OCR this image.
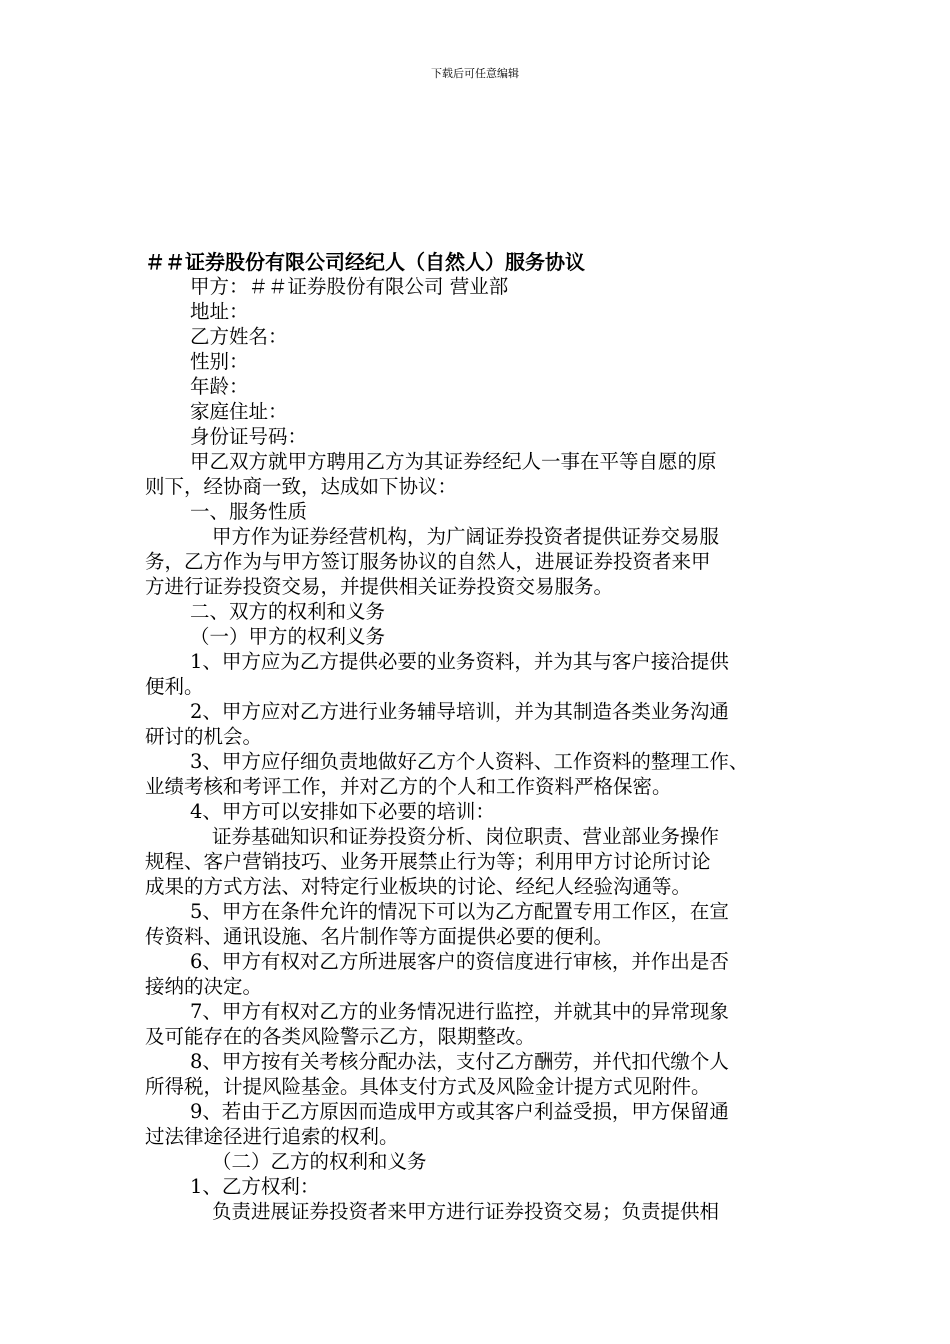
下载后可任意编辑
＃＃证券股份有限公司经纪人（自然人）服务协议
甲方：＃＃证券股份有限公司 营业部
地址：
乙方姓名：
性别：
年龄：
家庭住址：
身份证号码：
甲乙双方就甲方聘用乙方为其证券经纪人一事在平等自愿的原
则下，经协商一致，达成如下协议：
一、服务性质
甲方作为证券经营机构，为广阔证券投资者提供证券交易服
务，乙方作为与甲方签订服务协议的自然人，进展证券投资者来甲
方进行证券投资交易，并提供相关证券投资交易服务。
二、双方的权利和义务
（一）甲方的权利义务
1、甲方应为乙方提供必要的业务资料，并为其与客户接洽提供
便利。
2、甲方应对乙方进行业务辅导培训，并为其制造各类业务沟通
研讨的机会。
3、甲方应仔细负责地做好乙方个人资料、工作资料的整理工作、
业绩考核和考评工作，并对乙方的个人和工作资料严格保密。
4、甲方可以安排如下必要的培训：
证券基础知识和证券投资分析、岗位职责、营业部业务操作
规程、客户营销技巧、业务开展禁止行为等；利用甲方讨论所讨论
成果的方式方法、对特定行业板块的讨论、经纪人经验沟通等。
5、甲方在条件允许的情况下可以为乙方配置专用工作区，在宣
传资料、通讯设施、名片制作等方面提供必要的便利。
6、甲方有权对乙方所进展客户的资信度进行审核，并作出是否
接纳的决定。
7、甲方有权对乙方的业务情况进行监控，并就其中的异常现象
及可能存在的各类风险警示乙方，限期整改。
8、甲方按有关考核分配办法，支付乙方酬劳，并代扣代缴个人
所得税，计提风险基金。具体支付方式及风险金计提方式见附件。
9、若由于乙方原因而造成甲方或其客户利益受损，甲方保留通
过法律途径进行追索的权利。
（二）乙方的权利和义务
1、乙方权利：
负责进展证券投资者来甲方进行证券投资交易；负责提供相
